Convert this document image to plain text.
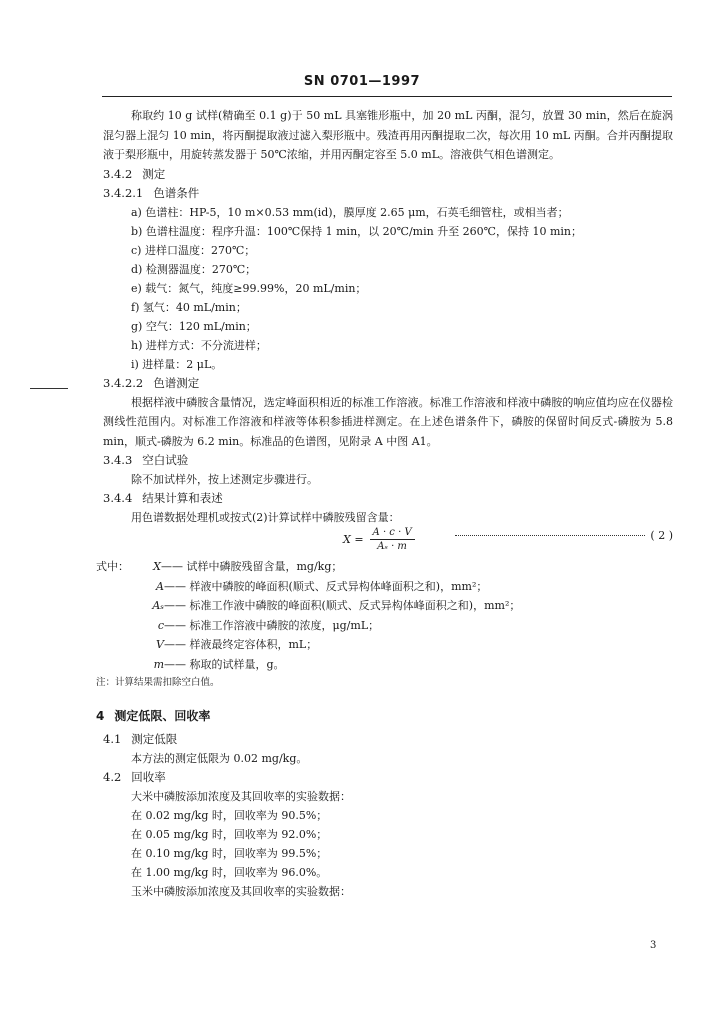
SN 0701—1997

称取约 10 g 试样(精确至 0.1 g)于 50 mL 具塞锥形瓶中，加 20 mL 丙酮，混匀，放置 30 min，然后在旋涡混匀器上混匀 10 min，将丙酮提取液过滤入梨形瓶中。残渣再用丙酮提取二次，每次用 10 mL 丙酮。合并丙酮提取液于梨形瓶中，用旋转蒸发器于 50℃浓缩，并用丙酮定容至 5.0 mL。溶液供气相色谱测定。

3.4.2 测定
3.4.2.1 色谱条件
a) 色谱柱：HP-5，10 m×0.53 mm(id)，膜厚度 2.65 μm，石英毛细管柱，或相当者；
b) 色谱柱温度：程序升温：100℃保持 1 min，以 20℃/min 升至 260℃，保持 10 min；
c) 进样口温度：270℃；
d) 检测器温度：270℃；
e) 载气：氮气，纯度≥99.99%，20 mL/min；
f) 氢气：40 mL/min；
g) 空气：120 mL/min；
h) 进样方式：不分流进样；
i) 进样量：2 μL。
3.4.2.2 色谱测定

根据样液中磷胺含量情况，选定峰面积相近的标准工作溶液。标准工作溶液和样液中磷胺的响应值均应在仪器检测线性范围内。对标准工作溶液和样液等体积参插进样测定。在上述色谱条件下，磷胺的保留时间反式-磷胺为 5.8 min，顺式-磷胺为 6.2 min。标准品的色谱图，见附录 A 中图 A1。

3.4.3 空白试验
除不加试样外，按上述测定步骤进行。
3.4.4 结果计算和表述
用色谱数据处理机或按式(2)计算试样中磷胺残留含量：
$X = \frac{A \cdot c \cdot V}{\text{Aₛ · m}}$	( 2 )
式中： X—— 试样中磷胺残留含量，mg/kg；
A—— 样液中磷胺的峰面积(顺式、反式异构体峰面积之和)，mm²；
Aₛ—— 标准工作液中磷胺的峰面积(顺式、反式异构体峰面积之和)，mm²；
c—— 标准工作溶液中磷胺的浓度，μg/mL；
V—— 样液最终定容体积，mL；
m—— 称取的试样量，g。
注：计算结果需扣除空白值。
4 测定低限、回收率
4.1 测定低限
本方法的测定低限为 0.02 mg/kg。
4.2 回收率
大米中磷胺添加浓度及其回收率的实验数据：
在 0.02 mg/kg 时，回收率为 90.5%；
在 0.05 mg/kg 时，回收率为 92.0%；
在 0.10 mg/kg 时，回收率为 99.5%；
在 1.00 mg/kg 时，回收率为 96.0%。
玉米中磷胺添加浓度及其回收率的实验数据：
3
